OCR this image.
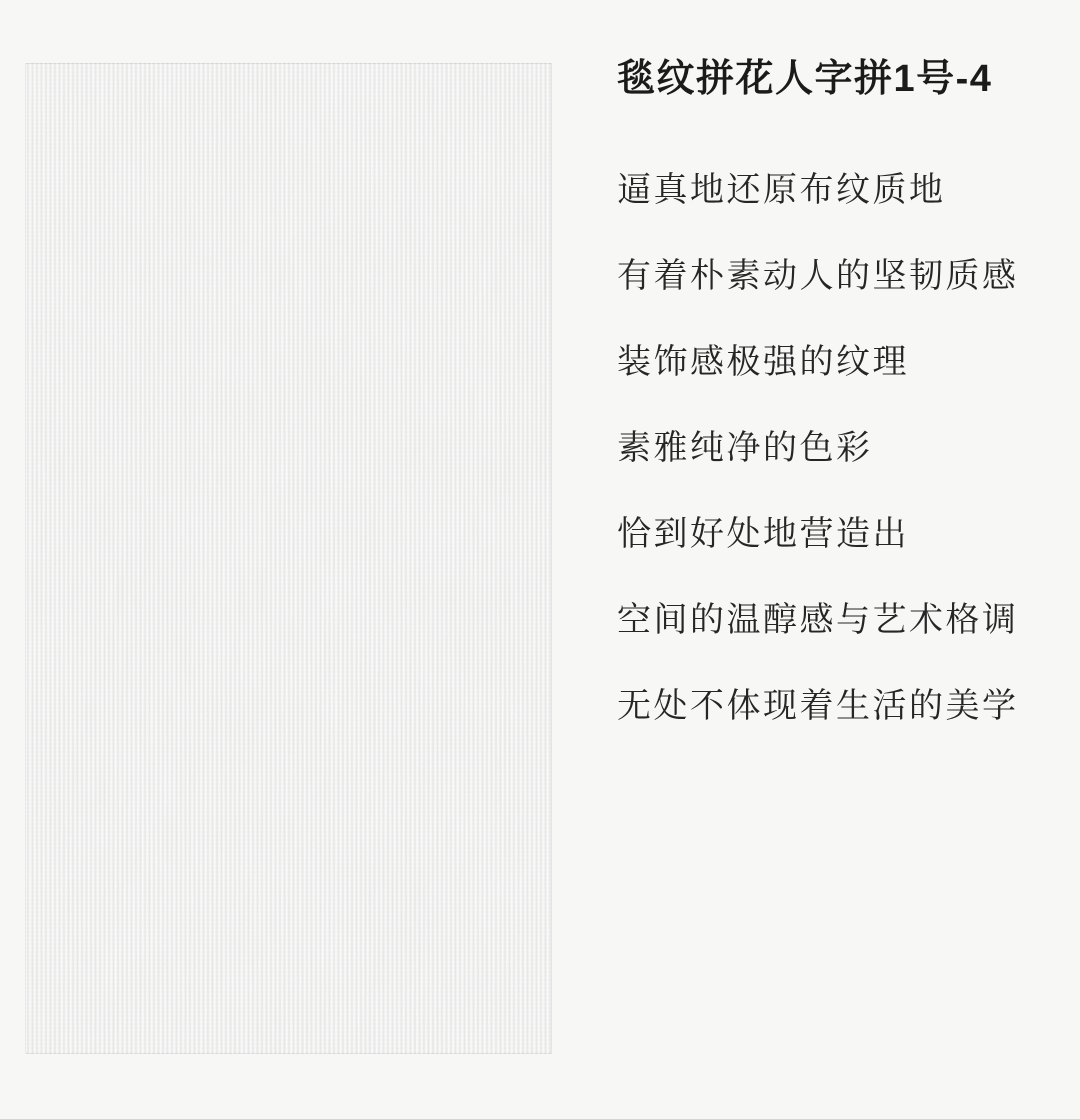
毯纹拼花人字拼1号-4
逼真地还原布纹质地
有着朴素动人的坚韧质感
装饰感极强的纹理
素雅纯净的色彩
恰到好处地营造出
空间的温醇感与艺术格调
无处不体现着生活的美学
